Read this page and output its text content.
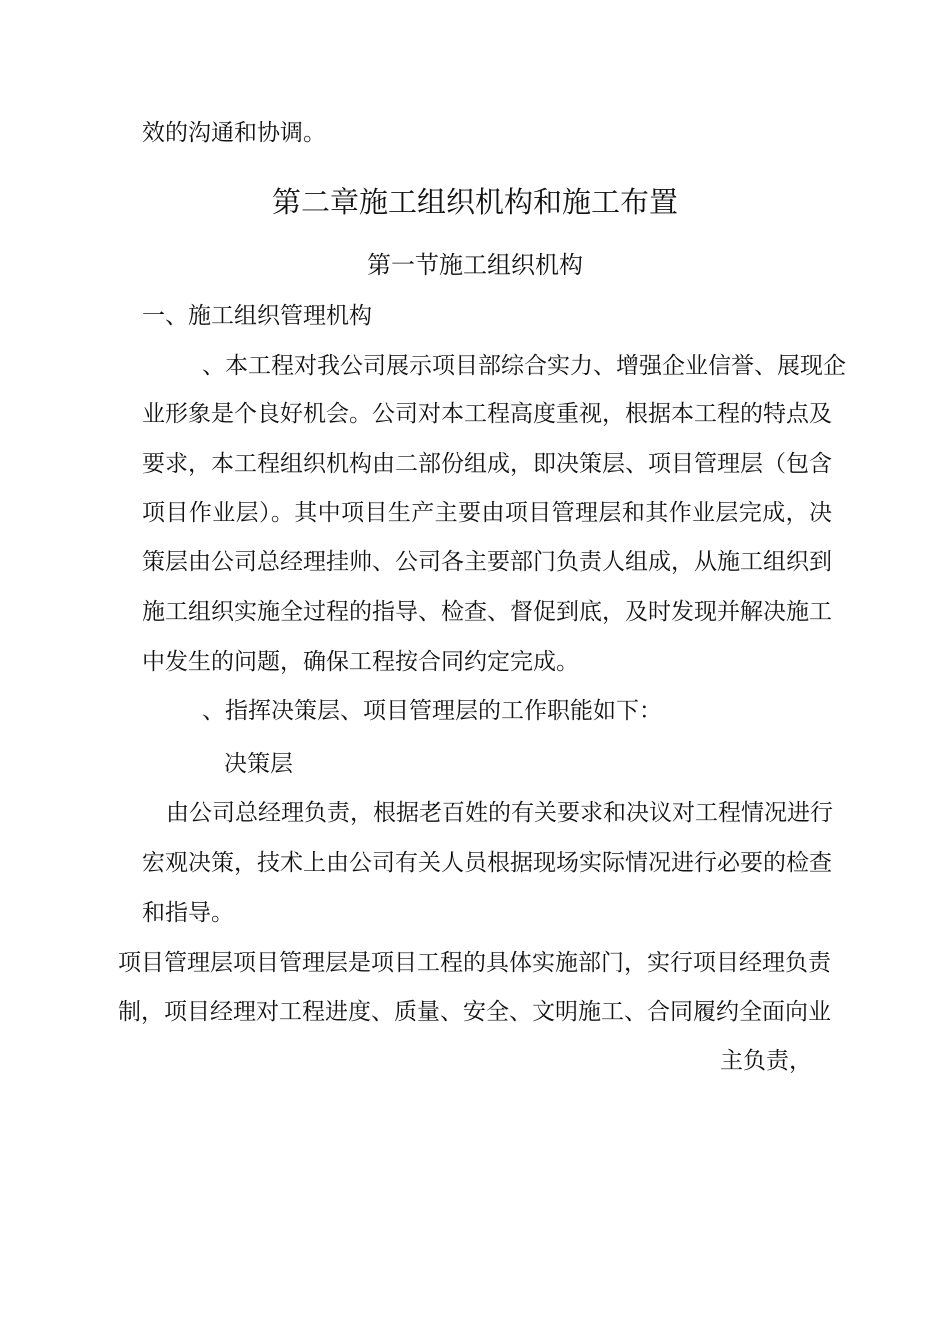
效的沟通和协调。
第二章施工组织机构和施工布置
第一节施工组织机构
一、施工组织管理机构
、本工程对我公司展示项目部综合实力、增强企业信誉、展现企
业形象是个良好机会。公司对本工程高度重视，根据本工程的特点及
要求，本工程组织机构由二部份组成，即决策层、项目管理层（包含
项目作业层）。其中项目生产主要由项目管理层和其作业层完成，决
策层由公司总经理挂帅、公司各主要部门负责人组成，从施工组织到
施工组织实施全过程的指导、检查、督促到底，及时发现并解决施工
中发生的问题，确保工程按合同约定完成。
、指挥决策层、项目管理层的工作职能如下：
决策层
由公司总经理负责，根据老百姓的有关要求和决议对工程情况进行
宏观决策，技术上由公司有关人员根据现场实际情况进行必要的检查
和指导。
项目管理层项目管理层是项目工程的具体实施部门，实行项目经理负责
制，项目经理对工程进度、质量、安全、文明施工、合同履约全面向业
主负责，
